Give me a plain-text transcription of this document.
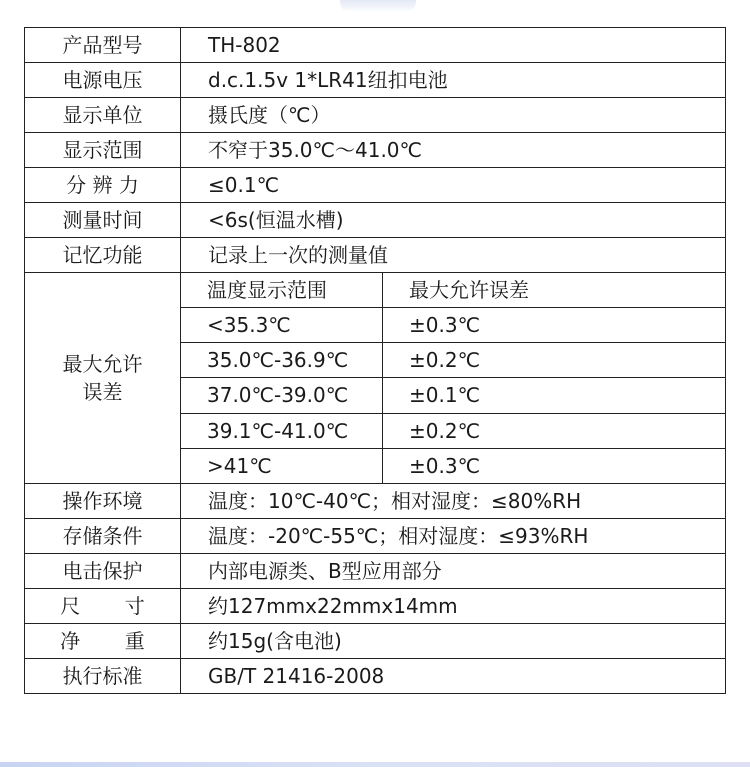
产品型号	TH-802	
电源电压	d.c.1.5v 1*LR41纽扣电池	
显示单位	摄氏度（℃）	
显示范围	不窄于35.0℃～41.0℃	
分 辨 力	≤0.1℃	
测量时间	<6s(恒温水槽)	
记忆功能	记录上一次的测量值	
最大允许
误差	温度显示范围	最大允许误差
	<35.3℃	±0.3℃
	35.0℃-36.9℃	±0.2℃
	37.0℃-39.0℃	±0.1℃
	39.1℃-41.0℃	±0.2℃
	>41℃	±0.3℃
操作环境	温度：10℃-40℃；相对湿度：≤80%RH	
存储条件	温度：-20℃-55℃；相对湿度：≤93%RH	
电击保护	内部电源类、B型应用部分	
尺       寸	约127mmx22mmx14mm	
净       重	约15g(含电池)	
执行标准	GB/T 21416-2008	
